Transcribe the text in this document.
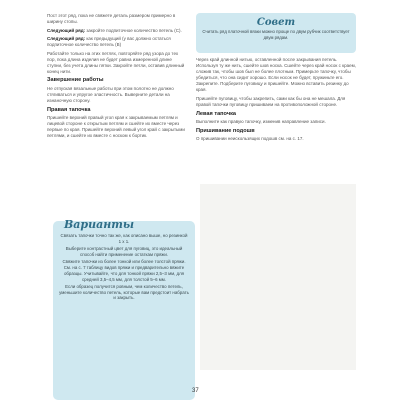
Пост этот ряд, пока не свяжете деталь размером примерно в ширину стопы.

Следующий ряд: закройте подпиточное количество петель (С).

Следующий ряд: как предыдущий (у вас должно остаться подпиточное количество петель (В)

Работайте только на этих петлях, повторяйте ряд узора до тех пор, пока длина изделия не будет равна измеренной длине ступни, без учета длины пятки. Закройте петли, оставив длинный конец нити.

Завершение работы

Не отпуская вязальные работы при этом полотно не должно стягиваться и упругое эластичность. Выверните детали на изнаночную сторону.

Правая тапочка

Пришейте верхний правый угол края к закрываемым петлям и лицевой стороне к открытым петлям и сшейте их вместе через первые по края. Пришейте верхний левый угол край с закрытыми петлями, и сшейте их вместе с носком к бортик.

Совет

Считать ряд платочной вязки можно проще по двум рубчик соответствует двум рядам.

Через край длинной нитью, оставленной после закрывания петель. Используя ту же нить, сшейте шов носка. Сшейте через край носок с краем, сложив так, чтобы шов был не более плотным. Примерьте тапочку, чтобы убедиться, что она сидит хорошо. Если носок не будет, пружиньте его. Закрепите. Подберите пуговицу и пришейте. Можно вставить резинку до края.

Пришейте пуговицу, чтобы закрепить, сами как бы она не мешала. Для правой тапочки пуговицу пришиваем на противоположной стороне.

Левая тапочка

Выполните как правую тапочку, изменив направление записи.

Пришивание подошв

О пришивании неискользящих подошв см. на с. 17.

Связать тапочки точно так же, как описано выше, но резинкой 1 х 1.

Выберите контрастный цвет для пуговиц, это идеальный способ найти применение остаткам пряжи.

Свяжите тапочки из более тонкой или более толстой пряжи. См. на с. 7 таблицу видов пряжи и предварительно вяжите образцы. Учитывайте, что для тонкой пряжи 2,5–3 мм, для средней 3,5–4,5 мм, для толстой 5–6 мм.

Если образец получится ровным, чем количество петель, уменьшите количество петель, которые вам предстоит набрать и закрыть.

Варианты
37
